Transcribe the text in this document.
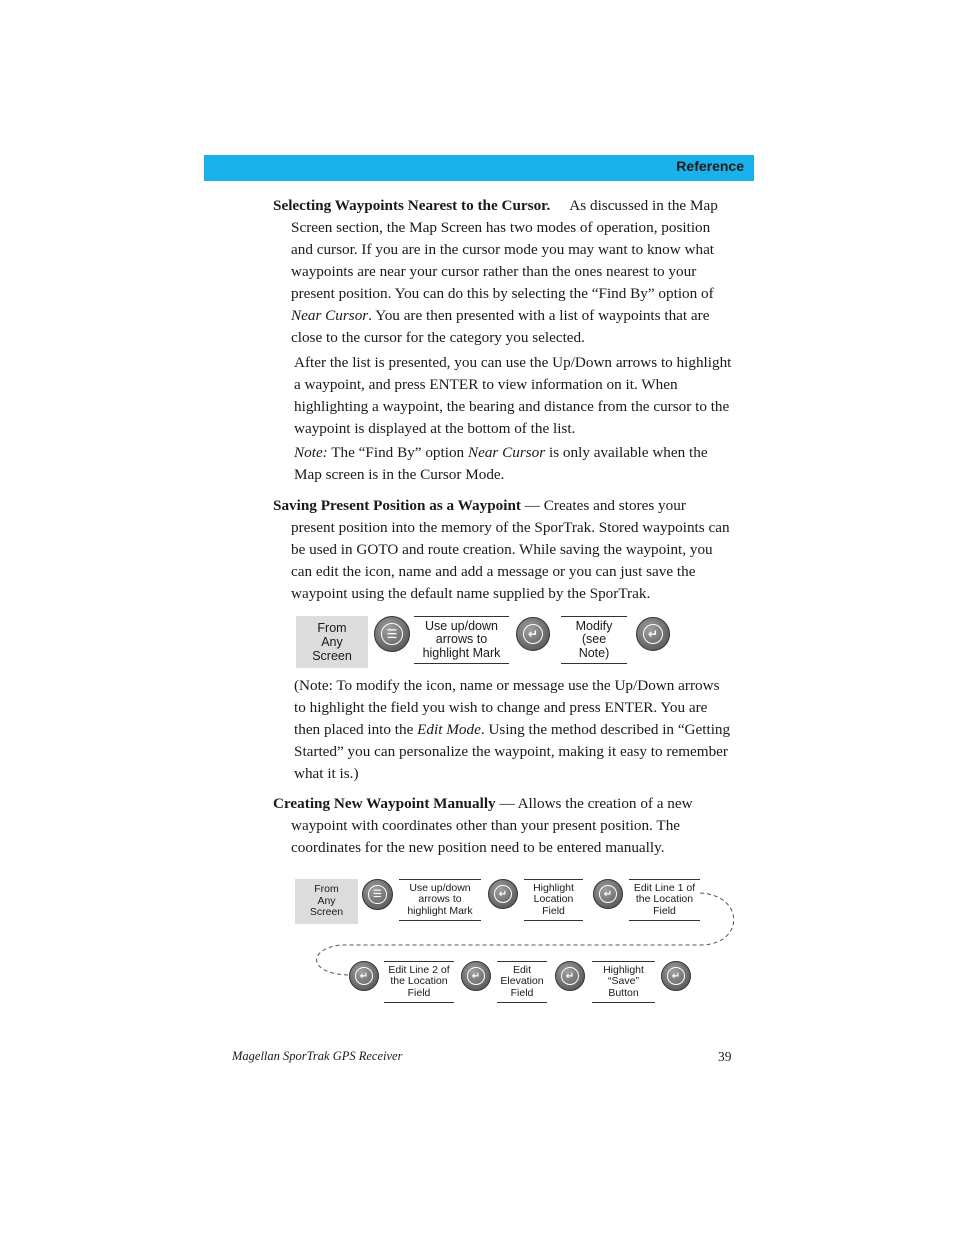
Reference

Selecting Waypoints Nearest to the Cursor. As discussed in the Map Screen section, the Map Screen has two modes of operation, position and cursor. If you are in the cursor mode you may want to know what waypoints are near your cursor rather than the ones nearest to your present position. You can do this by selecting the “Find By” option of Near Cursor. You are then presented with a list of waypoints that are close to the cursor for the category you selected.

After the list is presented, you can use the Up/Down arrows to highlight a waypoint, and press ENTER to view information on it. When highlighting a waypoint, the bearing and distance from the cursor to the waypoint is displayed at the bottom of the list.

Note: The “Find By” option Near Cursor is only available when the Map screen is in the Cursor Mode.

Saving Present Position as a Waypoint — Creates and stores your present position into the memory of the SporTrak. Stored waypoints can be used in GOTO and route creation. While saving the waypoint, you can edit the icon, name and add a message or you can just save the waypoint using the default name supplied by the SporTrak.

From
Any
Screen
☰
Use up/down
arrows to
highlight Mark
↵
Modify
(see
Note)
↵

(Note: To modify the icon, name or message use the Up/Down arrows to highlight the field you wish to change and press ENTER. You are then placed into the Edit Mode. Using the method described in “Getting Started” you can personalize the waypoint, making it easy to remember what it is.)

Creating New Waypoint Manually — Allows the creation of a new waypoint with coordinates other than your present position. The coordinates for the new position need to be entered manually.

From
Any
Screen
☰
Use up/down
arrows to
highlight Mark
↵
Highlight
Location
Field
↵
Edit Line 1 of
the Location
Field
↵
Edit Line 2 of
the Location
Field
↵
Edit
Elevation
Field
↵
Highlight
“Save”
Button
↵
Magellan SporTrak GPS Receiver	39
